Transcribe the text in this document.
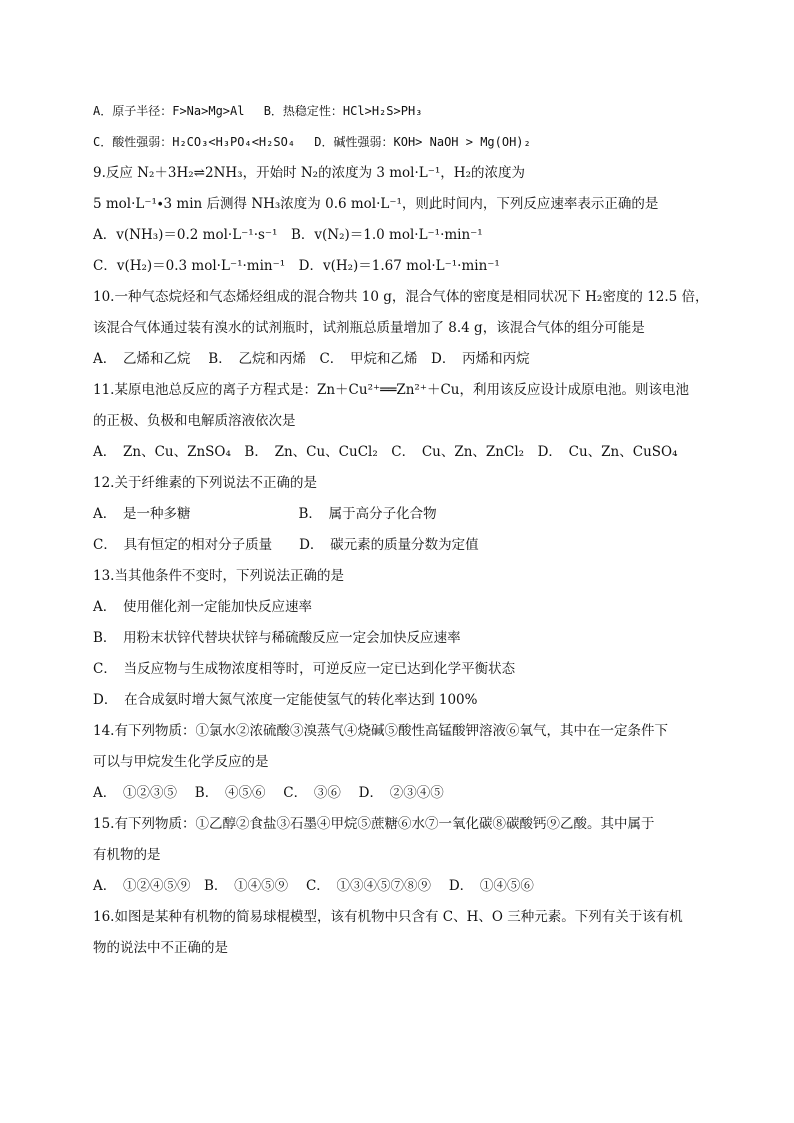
A．原子半径：F>Na>Mg>Al　 B．热稳定性：HCl>H₂S>PH₃
C．酸性强弱：H₂CO₃<H₃PO₄<H₂SO₄　 D．碱性强弱：KOH> NaOH > Mg(OH)₂
9.反应 N₂＋3H₂⇌2NH₃，开始时 N₂的浓度为 3 mol·L⁻¹，H₂的浓度为
5 mol·L⁻¹∙3 min 后测得 NH₃浓度为 0.6 mol·L⁻¹，则此时间内，下列反应速率表示正确的是
A．v(NH₃)＝0.2 mol·L⁻¹·s⁻¹　B．v(N₂)＝1.0 mol·L⁻¹·min⁻¹
C．v(H₂)＝0.3 mol·L⁻¹·min⁻¹　D．v(H₂)＝1.67 mol·L⁻¹·min⁻¹
10.一种气态烷烃和气态烯烃组成的混合物共 10 g，混合气体的密度是相同状况下 H₂密度的 12.5 倍，
该混合气体通过装有溴水的试剂瓶时，试剂瓶总质量增加了 8.4 g，该混合气体的组分可能是
A．　乙烯和乙烷　 B．　乙烷和丙烯　C．　甲烷和乙烯　D．　丙烯和丙烷
11.某原电池总反应的离子方程式是：Zn＋Cu²⁺══Zn²⁺＋Cu，利用该反应设计成原电池。则该电池
的正极、负极和电解质溶液依次是
A．　Zn、Cu、ZnSO₄　B．　Zn、Cu、CuCl₂　C．　Cu、Zn、ZnCl₂　D．　Cu、Zn、CuSO₄
12.关于纤维素的下列说法不正确的是
A．　是一种多糖　　　　　　　　B．　属于高分子化合物
C．　具有恒定的相对分子质量　　D．　碳元素的质量分数为定值
13.当其他条件不变时，下列说法正确的是
A．　使用催化剂一定能加快反应速率
B．　用粉末状锌代替块状锌与稀硫酸反应一定会加快反应速率
C．　当反应物与生成物浓度相等时，可逆反应一定已达到化学平衡状态
D．　在合成氨时增大氮气浓度一定能使氢气的转化率达到 100%
14.有下列物质：①氯水②浓硫酸③溴蒸气④烧碱⑤酸性高锰酸钾溶液⑥氧气，其中在一定条件下
可以与甲烷发生化学反应的是
A．　①②③⑤　 B．　④⑤⑥　 C．　③⑥　 D．　②③④⑤
15.有下列物质：①乙醇②食盐③石墨④甲烷⑤蔗糖⑥水⑦一氧化碳⑧碳酸钙⑨乙酸。其中属于
有机物的是
A．　①②④⑤⑨　B．　①④⑤⑨　 C．　①③④⑤⑦⑧⑨　 D．　①④⑤⑥
16.如图是某种有机物的简易球棍模型，该有机物中只含有 C、H、O 三种元素。下列有关于该有机
物的说法中不正确的是
